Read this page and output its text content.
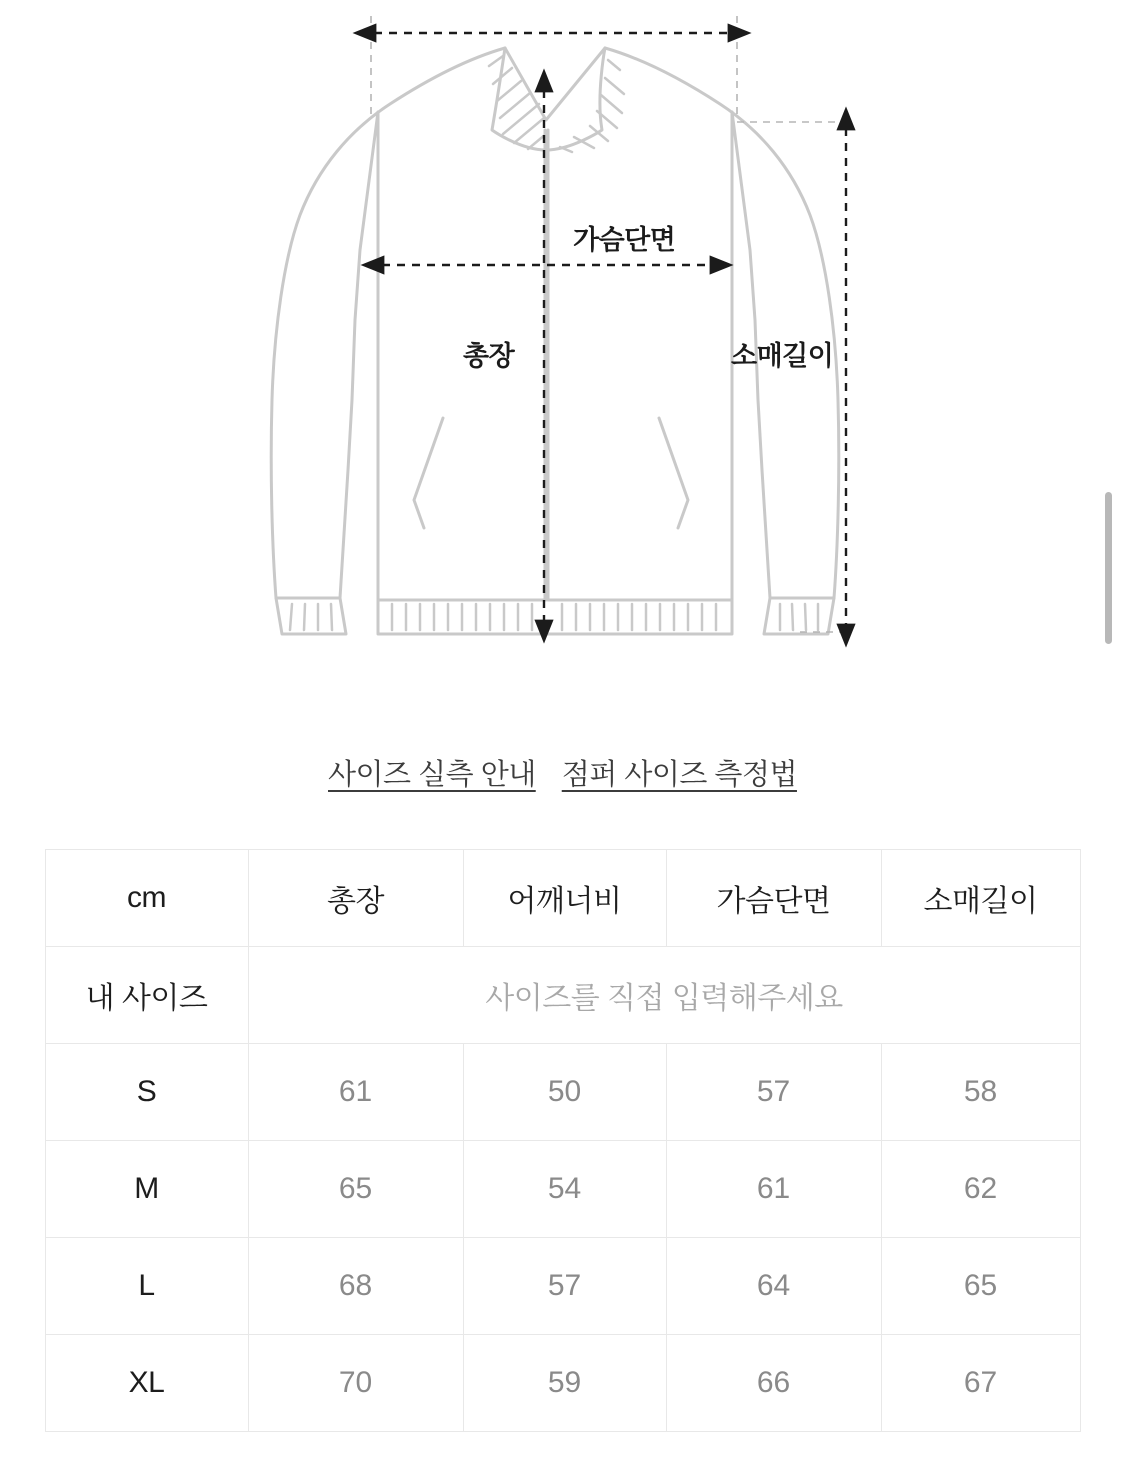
가슴단면
총장	소매길이
사이즈 실측 안내 점퍼 사이즈 측정법
cm	총장	어깨너비	가슴단면	소매길이
내 사이즈	사이즈를 직접 입력해주세요			
S	61	50	57	58
M	65	54	61	62
L	68	57	64	65
XL	70	59	66	67
